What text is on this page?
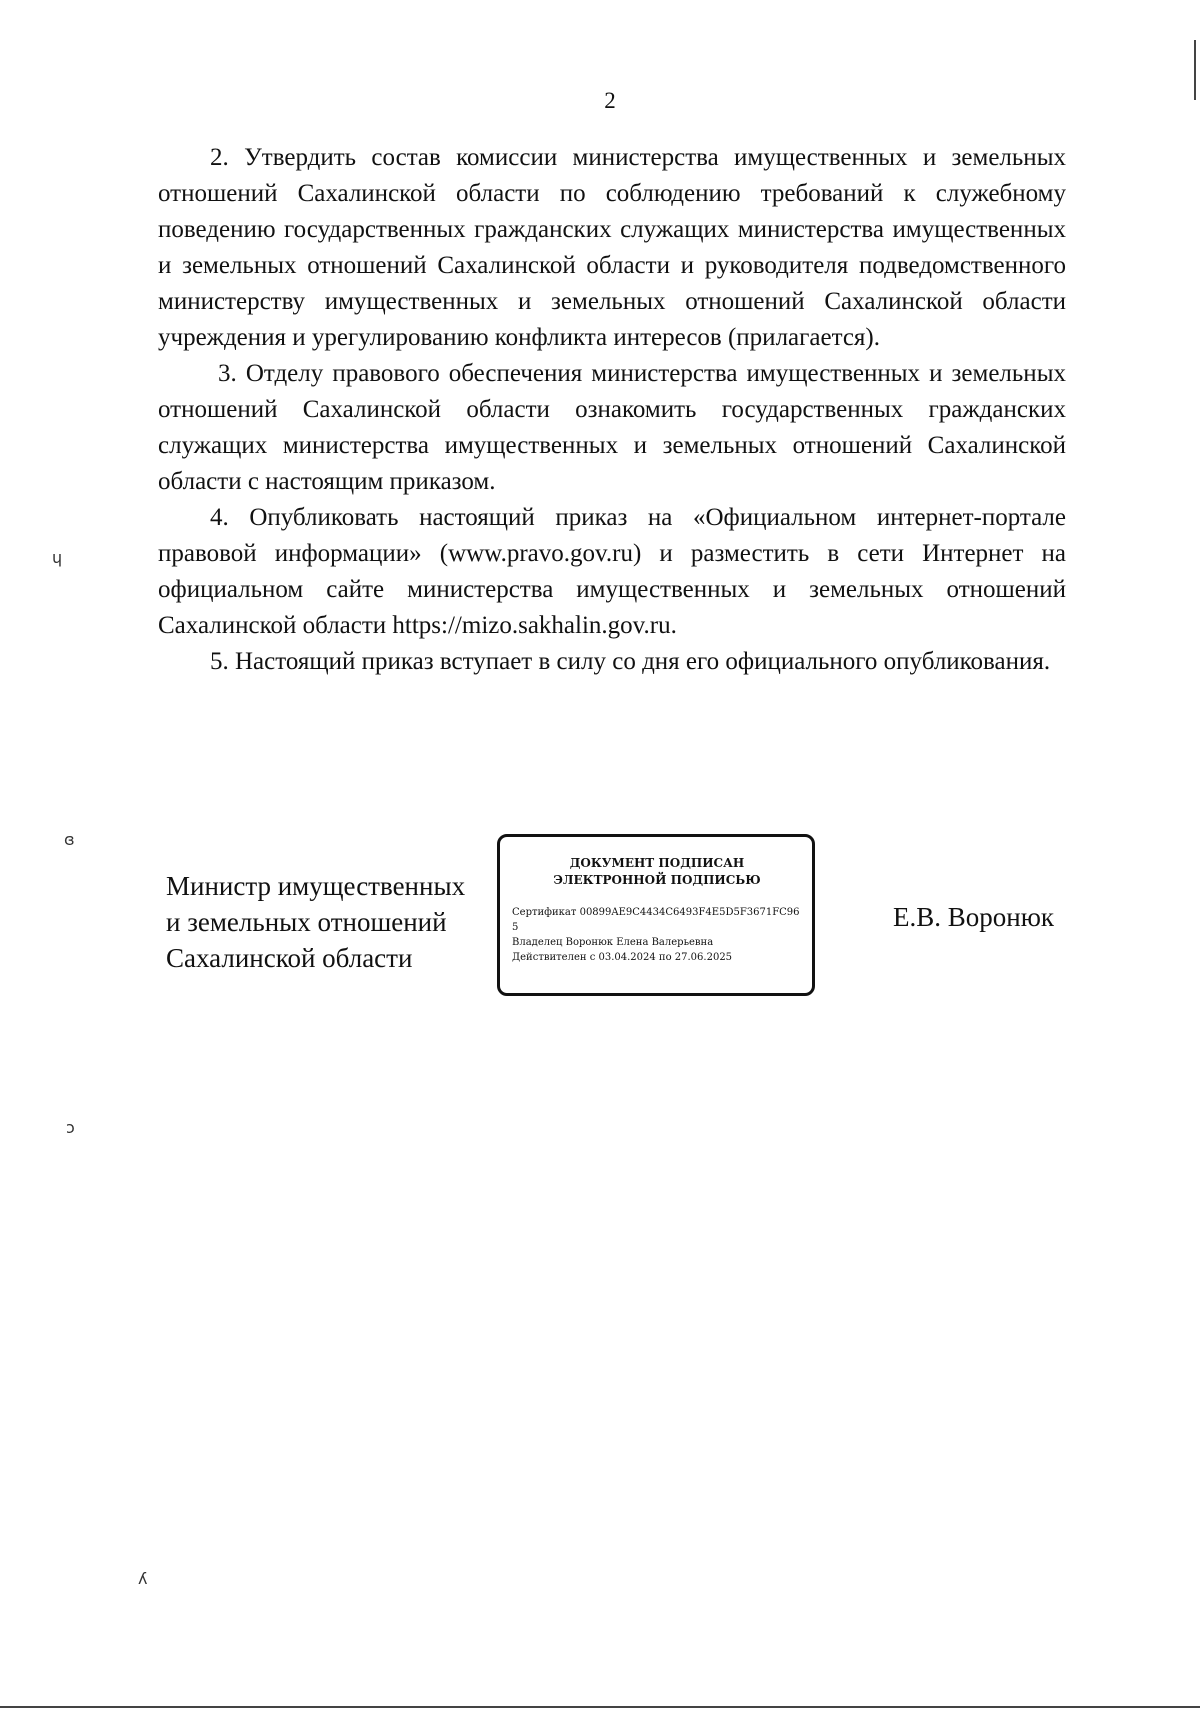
2

2. Утвердить состав комиссии министерства имущественных и земельных отношений Сахалинской области по соблюдению требований к служебному поведению государственных гражданских служащих министерства имущественных и земельных отношений Сахалинской области и руководителя подведомственного министерству имущественных и земельных отношений Сахалинской области учреждения и урегулированию конфликта интересов (прилагается).

3. Отделу правового обеспечения министерства имущественных и земельных отношений Сахалинской области ознакомить государственных гражданских служащих министерства имущественных и земельных отношений Сахалинской области с настоящим приказом.

4. Опубликовать настоящий приказ на «Официальном интернет-портале правовой информации» (www.pravo.gov.ru) и разместить в сети Интернет на официальном сайте министерства имущественных и земельных отношений Сахалинской области https://mizo.sakhalin.gov.ru.

5. Настоящий приказ вступает в силу со дня его официального опубликования.

Министр имущественных
и земельных отношений
Сахалинской области
ДОКУМЕНТ ПОДПИСАН
ЭЛЕКТРОННОЙ ПОДПИСЬЮ
Сертификат 00899AE9C4434C6493F4E5D5F3671FC965
Владелец Воронюк Елена Валерьевна
Действителен с 03.04.2024 по 27.06.2025
Е.В. Воронюк
ɥ
ɞ
ɔ
ʎ
